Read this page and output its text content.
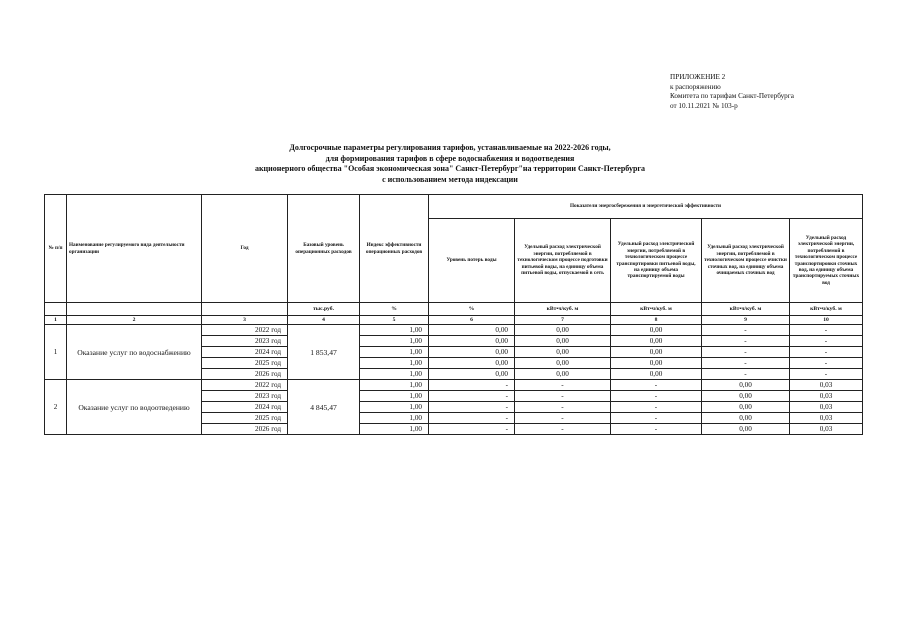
ПРИЛОЖЕНИЕ 2
к распоряжению
Комитета по тарифам Санкт-Петербурга
от 10.11.2021 № 103-р
Долгосрочные параметры регулирования тарифов, устанавливаемые на 2022-2026 годы,
для формирования тарифов в сфере водоснабжения и водоотведения
акционерного общества "Особая экономическая зона" Санкт-Петербург"на территории Санкт-Петербурга
с использованием метода индексации
№ п/п	Наименование регулируемого вида деятельности организации	Год	Базовый уровень операционных расходов	Индекс эффективности операционных расходов	Показатели энергосбережения и энергетической эффективности				
					Уровень потерь воды	Удельный расход электрической энергии, потребляемой в технологическом процессе подготовки питьевой воды, на единицу объема питьевой воды, отпускаемой в сеть	Удельный расход электрической энергии, потребляемой в технологическом процессе транспортировки питьевой воды, на единицу объема транспортируемой воды	Удельный расход электрической энергии, потребляемой в технологическом процессе очистки сточных вод, на единицу объема очищаемых сточных вод	Удельный расход электрической энергии, потребляемой в технологическом процессе транспортировки сточных вод, на единицу объема транспортируемых сточных вод
			тыс.руб.	%	%	кВт•ч/куб. м	кВт•ч/куб. м	кВт•ч/куб. м	кВт•ч/куб. м
1	2	3	4	5	6	7	8	9	10
1	Оказание услуг по водоснабжению	2022 год	1 853,47	1,00	0,00	0,00	0,00	-	-
		2023 год		1,00	0,00	0,00	0,00	-	-
		2024 год		1,00	0,00	0,00	0,00	-	-
		2025 год		1,00	0,00	0,00	0,00	-	-
		2026 год		1,00	0,00	0,00	0,00	-	-
2	Оказание услуг по водоотведению	2022 год	4 845,47	1,00	-	-	-	0,00	0,03
		2023 год		1,00	-	-	-	0,00	0,03
		2024 год		1,00	-	-	-	0,00	0,03
		2025 год		1,00	-	-	-	0,00	0,03
		2026 год		1,00	-	-	-	0,00	0,03
